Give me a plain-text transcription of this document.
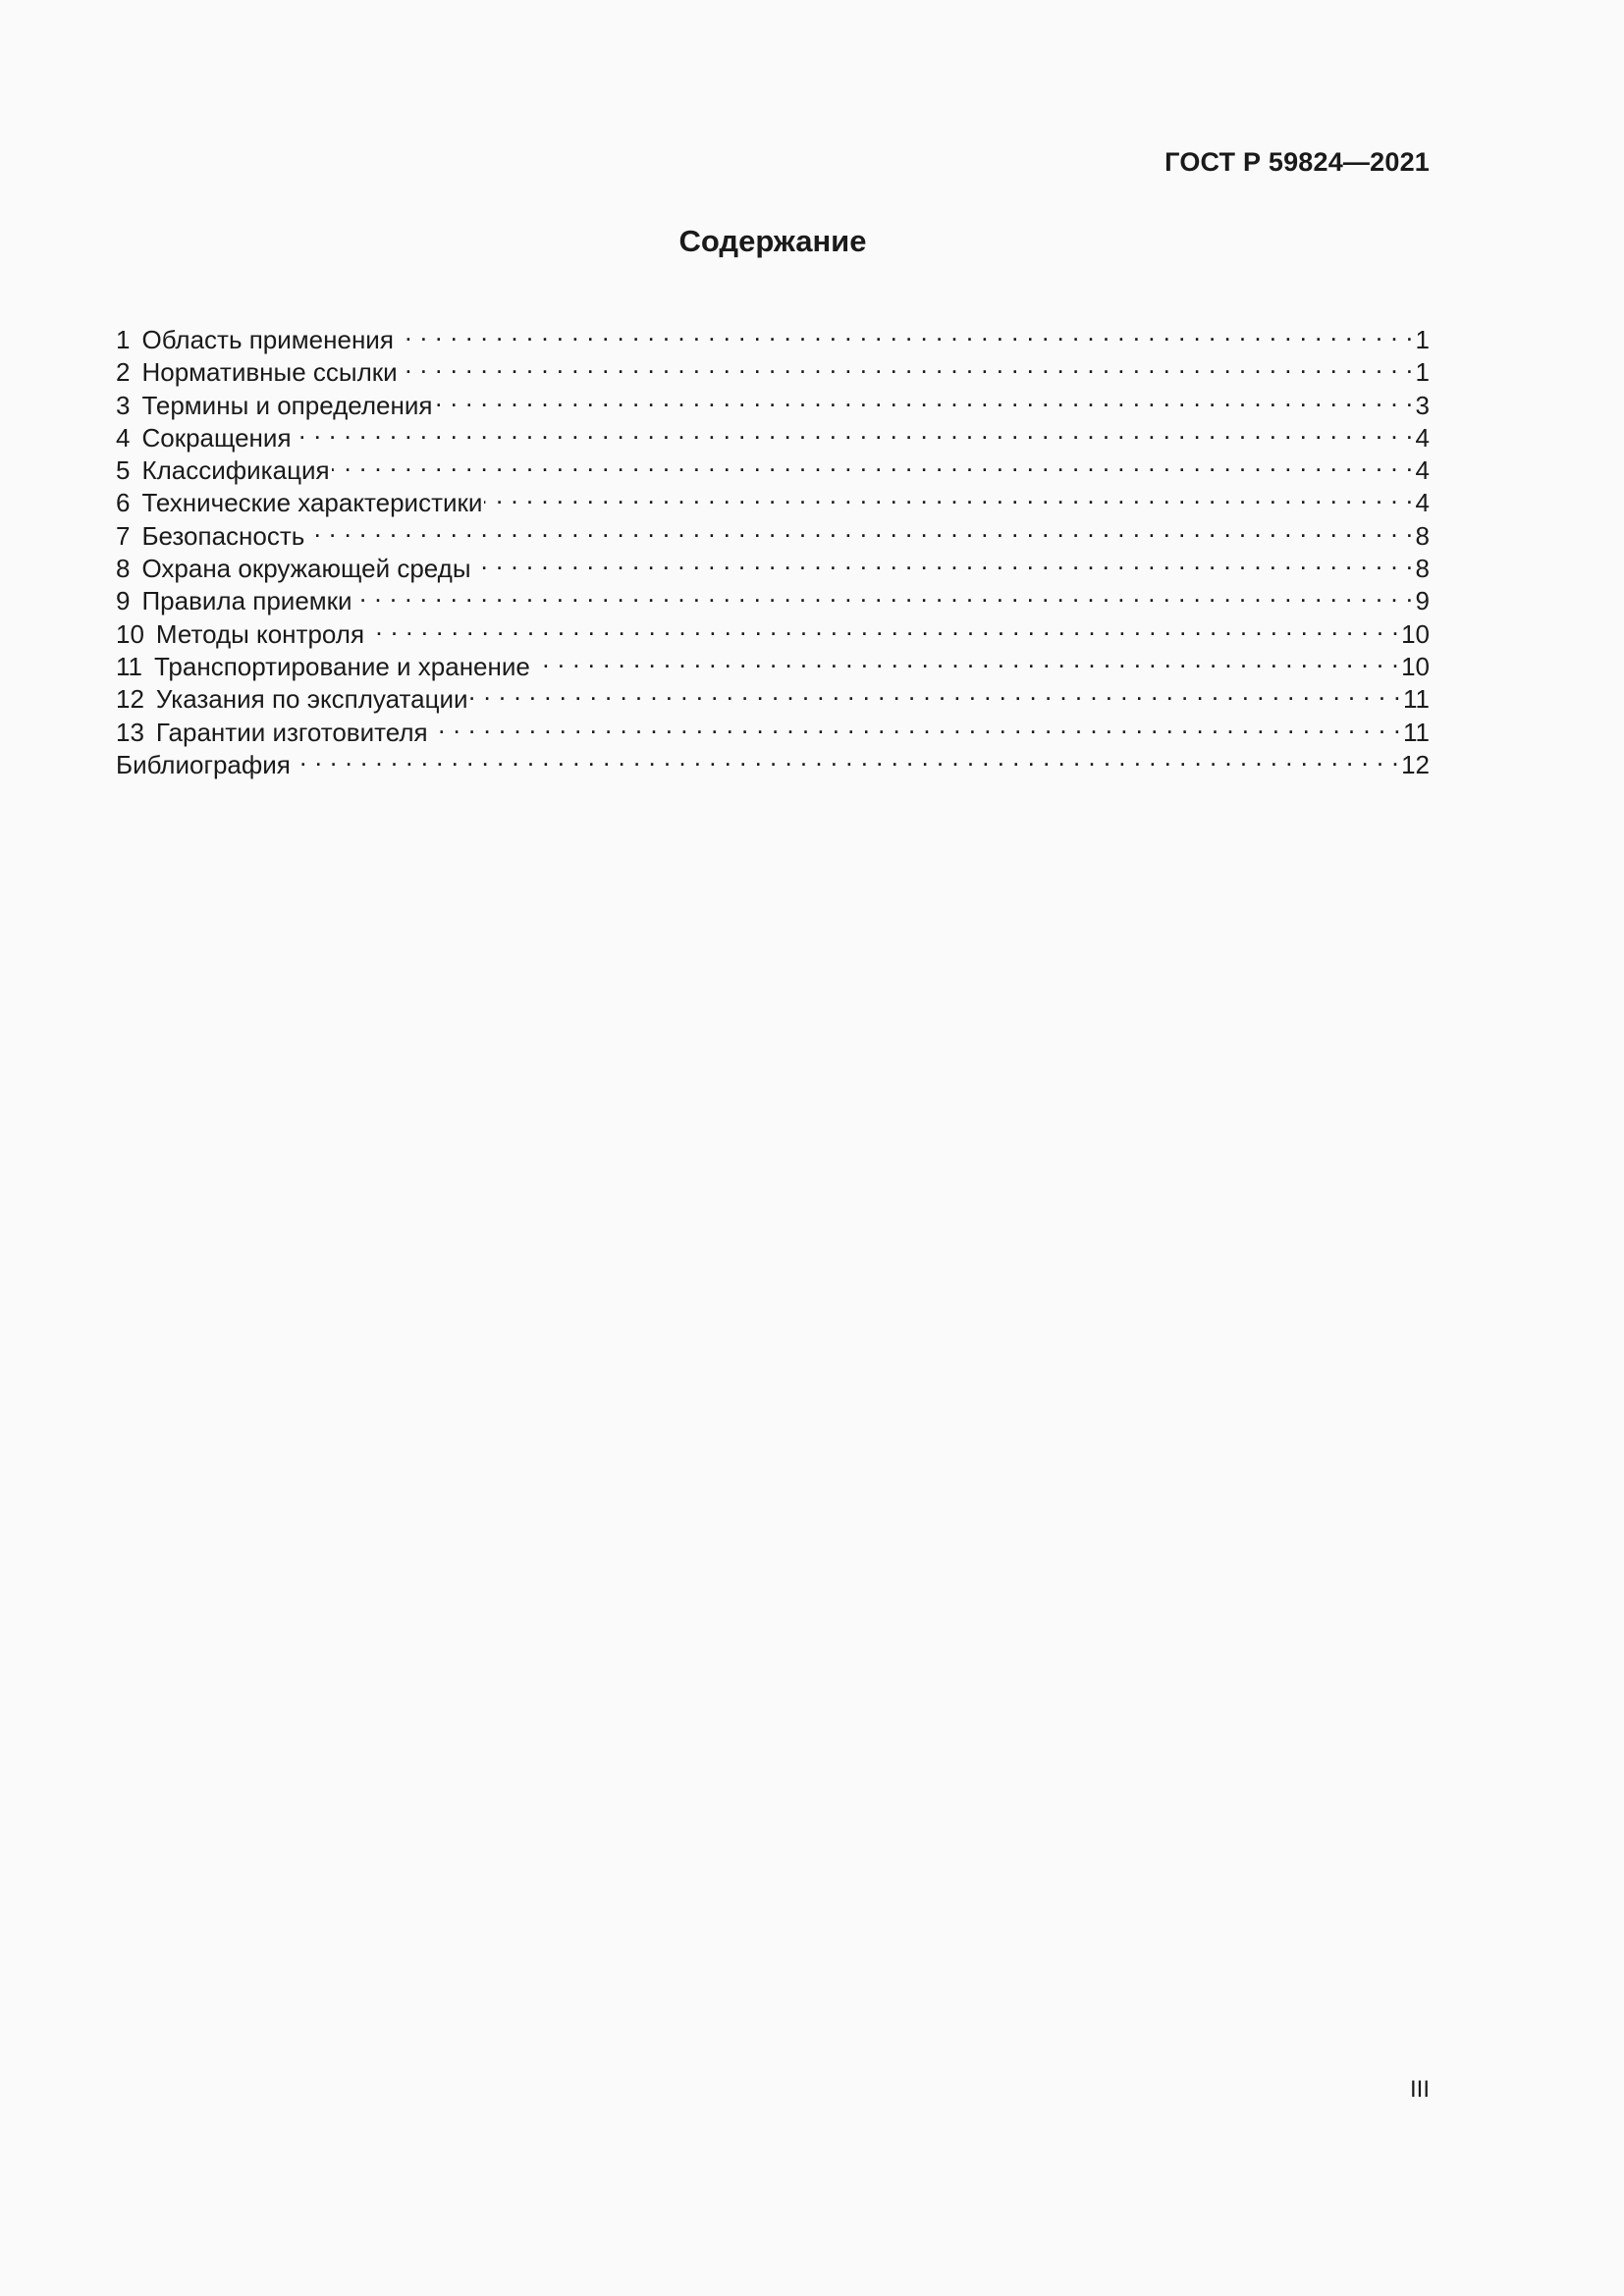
ГОСТ Р 59824—2021
Содержание
1 Область применения . . .	1
2 Нормативные ссылки . . .	1
3 Термины и определения . . .	3
4 Сокращения . . .	4
5 Классификация . . .	4
6 Технические характеристики . . .	4
7 Безопасность . . .	8
8 Охрана окружающей среды . . .	8
9 Правила приемки . . .	9
10 Методы контроля . . .	10
11 Транспортирование и хранение . . .	10
12 Указания по эксплуатации . . .	11
13 Гарантии изготовителя . . .	11
Библиография . . .	12
III
